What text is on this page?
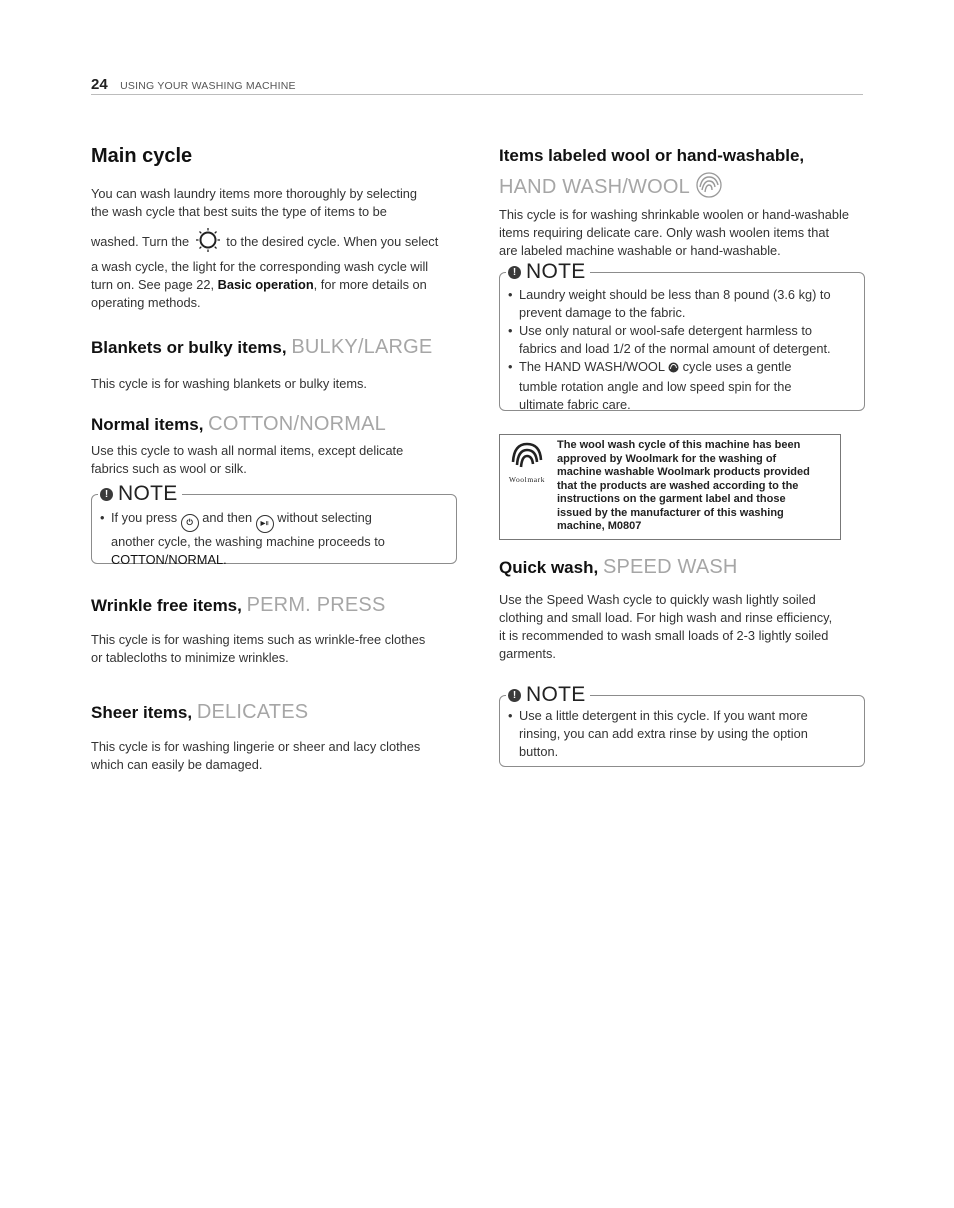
24 USING YOUR WASHING MACHINE
Main cycle

You can wash laundry items more thoroughly by selecting

the wash cycle that best suits the type of items to be

washed. Turn the	to the desired cycle. When you select

a wash cycle, the light for the corresponding wash cycle will

turn on. See page 22, Basic operation, for more details on

operating methods.

Blankets or bulky items, BULKY/LARGE

This cycle is for washing blankets or bulky items.

Normal items, COTTON/NORMAL

Use this cycle to wash all normal items, except delicate

fabrics such as wool or silk.

! NOTE
• If you press ⏻ and then ▶॥ without selecting
another cycle, the washing machine proceeds to
COTTON/NORMAL.
Wrinkle free items, PERM. PRESS

This cycle is for washing items such as wrinkle-free clothes

or tablecloths to minimize wrinkles.

Sheer items, DELICATES

This cycle is for washing lingerie or sheer and lacy clothes

which can easily be damaged.

Items labeled wool or hand-washable,
HAND WASH/WOOL

This cycle is for washing shrinkable woolen or hand-washable

items requiring delicate care. Only wash woolen items that

are labeled machine washable or hand-washable.

! NOTE
• Laundry weight should be less than 8 pound (3.6 kg) to
prevent damage to the fabric.
• Use only natural or wool-safe detergent harmless to
fabrics and load 1/2 of the normal amount of detergent.
• The HAND WASH/WOOL cycle uses a gentle
tumble rotation angle and low speed spin for the
ultimate fabric care.
Woolmark
The wool wash cycle of this machine has been
approved by Woolmark for the washing of
machine washable Woolmark products provided
that the products are washed according to the
instructions on the garment label and those
issued by the manufacturer of this washing
machine, M0807
Quick wash, SPEED WASH

Use the Speed Wash cycle to quickly wash lightly soiled

clothing and small load. For high wash and rinse efficiency,

it is recommended to wash small loads of 2-3 lightly soiled

garments.

! NOTE
• Use a little detergent in this cycle. If you want more
rinsing, you can add extra rinse by using the option
button.
